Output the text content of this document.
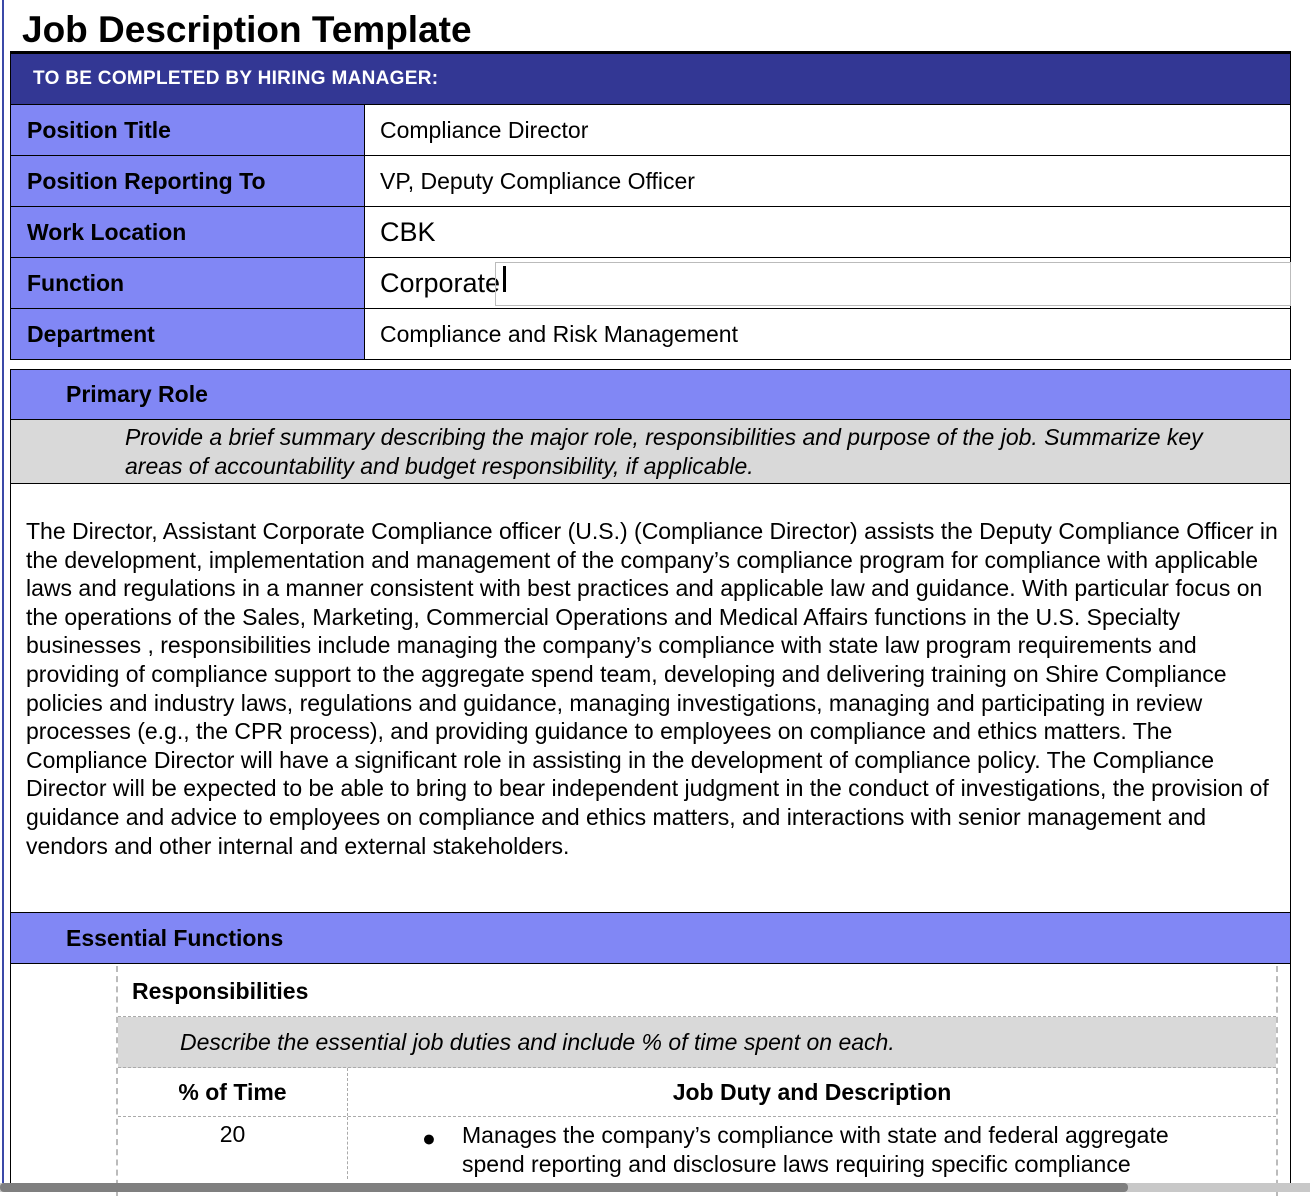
Job Description Template
TO BE COMPLETED BY HIRING MANAGER:
Position Title	Compliance Director
Position Reporting To	VP, Deputy Compliance Officer
Work Location	CBK
Function	Corporate
Department	Compliance and Risk Management
Primary Role
Provide a brief summary describing the major role, responsibilities and purpose of the job. Summarize key areas of accountability and budget responsibility, if applicable.
The Director, Assistant Corporate Compliance officer (U.S.) (Compliance Director) assists the Deputy Compliance Officer in the development, implementation and management of the company’s compliance program for compliance with applicable laws and regulations in a manner consistent with best practices and applicable law and guidance. With particular focus on the operations of the Sales, Marketing, Commercial Operations and Medical Affairs functions in the U.S. Specialty businesses , responsibilities include managing the company’s compliance with state law program requirements and providing of compliance support to the aggregate spend team, developing and delivering training on Shire Compliance policies and industry laws, regulations and guidance, managing investigations, managing and participating in review processes (e.g., the CPR process), and providing guidance to employees on compliance and ethics matters. The Compliance Director will have a significant role in assisting in the development of compliance policy. The Compliance Director will be expected to be able to bring to bear independent judgment in the conduct of investigations, the provision of guidance and advice to employees on compliance and ethics matters, and interactions with senior management and vendors and other internal and external stakeholders.
Essential Functions
Responsibilities
Describe the essential job duties and include % of time spent on each.
% of Time	Job Duty and Description
20	● Manages the company’s compliance with state and federal aggregate spend reporting and disclosure laws requiring specific compliance
